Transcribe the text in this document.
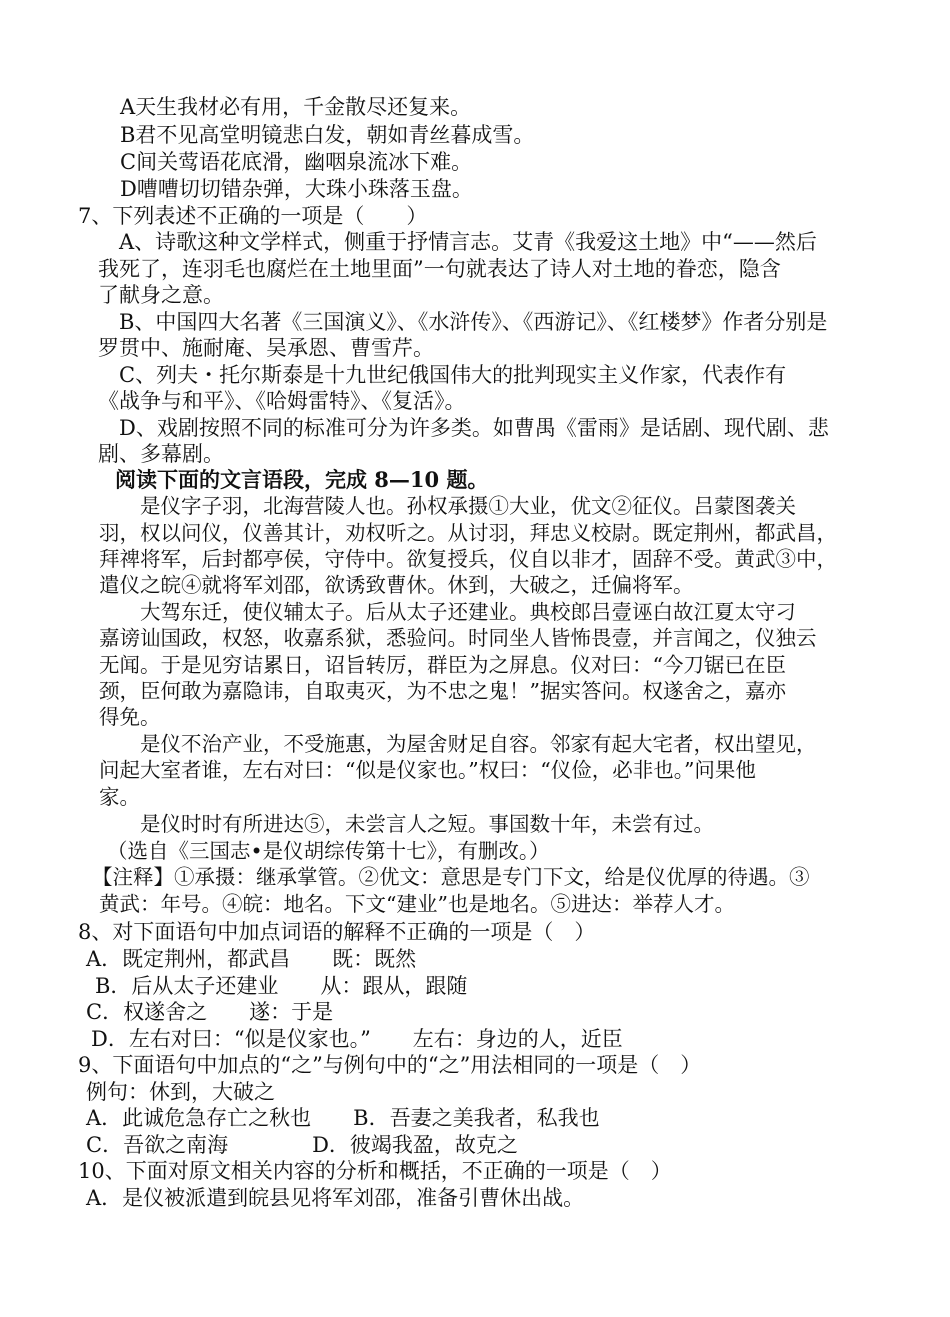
A天生我材必有用，千金散尽还复来。
B君不见高堂明镜悲白发，朝如青丝暮成雪。
C间关莺语花底滑，幽咽泉流冰下难。
D嘈嘈切切错杂弹，大珠小珠落玉盘。
7、下列表述不正确的一项是（　　）
A、诗歌这种文学样式，侧重于抒情言志。艾青《我爱这土地》中“——然后
我死了，连羽毛也腐烂在土地里面”一句就表达了诗人对土地的眷恋，隐含
了献身之意。
B、中国四大名著《三国演义》、《水浒传》、《西游记》、《红楼梦》作者分别是
罗贯中、施耐庵、吴承恩、曹雪芹。
C、列夫・托尔斯泰是十九世纪俄国伟大的批判现实主义作家，代表作有
《战争与和平》、《哈姆雷特》、《复活》。
D、戏剧按照不同的标准可分为许多类。如曹禺《雷雨》是话剧、现代剧、悲
剧、多幕剧。
阅读下面的文言语段，完成 8—10 题。
是仪字子羽，北海营陵人也。孙权承摄①大业，优文②征仪。吕蒙图袭关
羽，权以问仪，仪善其计，劝权听之。从讨羽，拜忠义校尉。既定荆州，都武昌，
拜禆将军，后封都亭侯，守侍中。欲复授兵，仪自以非才，固辞不受。黄武③中，
遣仪之皖④就将军刘邵，欲诱致曹休。休到，大破之，迁偏将军。
大驾东迁，使仪辅太子。后从太子还建业。典校郎吕壹诬白故江夏太守刁
嘉谤讪国政，权怒，收嘉系狱，悉验问。时同坐人皆怖畏壹，并言闻之，仪独云
无闻。于是见穷诘累日，诏旨转厉，群臣为之屏息。仪对曰：“今刀锯已在臣
颈，臣何敢为嘉隐讳，自取夷灭，为不忠之鬼！”据实答问。权遂舍之，嘉亦
得免。
是仪不治产业，不受施惠，为屋舍财足自容。邻家有起大宅者，权出望见，
问起大室者谁，左右对曰：“似是仪家也。”权曰：“仪俭，必非也。”问果他
家。
是仪时时有所进达⑤，未尝言人之短。事国数十年，未尝有过。
（选自《三国志•是仪胡综传第十七》，有删改。）
【注释】①承摄：继承掌管。②优文：意思是专门下文，给是仪优厚的待遇。③
黄武：年号。④皖：地名。下文“建业”也是地名。⑤进达：举荐人才。
8、对下面语句中加点词语的解释不正确的一项是（　）
A．既定荆州，都武昌　　既：既然
B．后从太子还建业　　从：跟从，跟随
C．权遂舍之　　遂：于是
D．左右对曰：“似是仪家也。”　　左右：身边的人，近臣
9、下面语句中加点的“之”与例句中的“之”用法相同的一项是（　）
例句：休到，大破之
A．此诚危急存亡之秋也　　B．吾妻之美我者，私我也
C．吾欲之南海　　　　D．彼竭我盈，故克之
10、下面对原文相关内容的分析和概括，不正确的一项是（　）
A．是仪被派遣到皖县见将军刘邵，准备引曹休出战。
